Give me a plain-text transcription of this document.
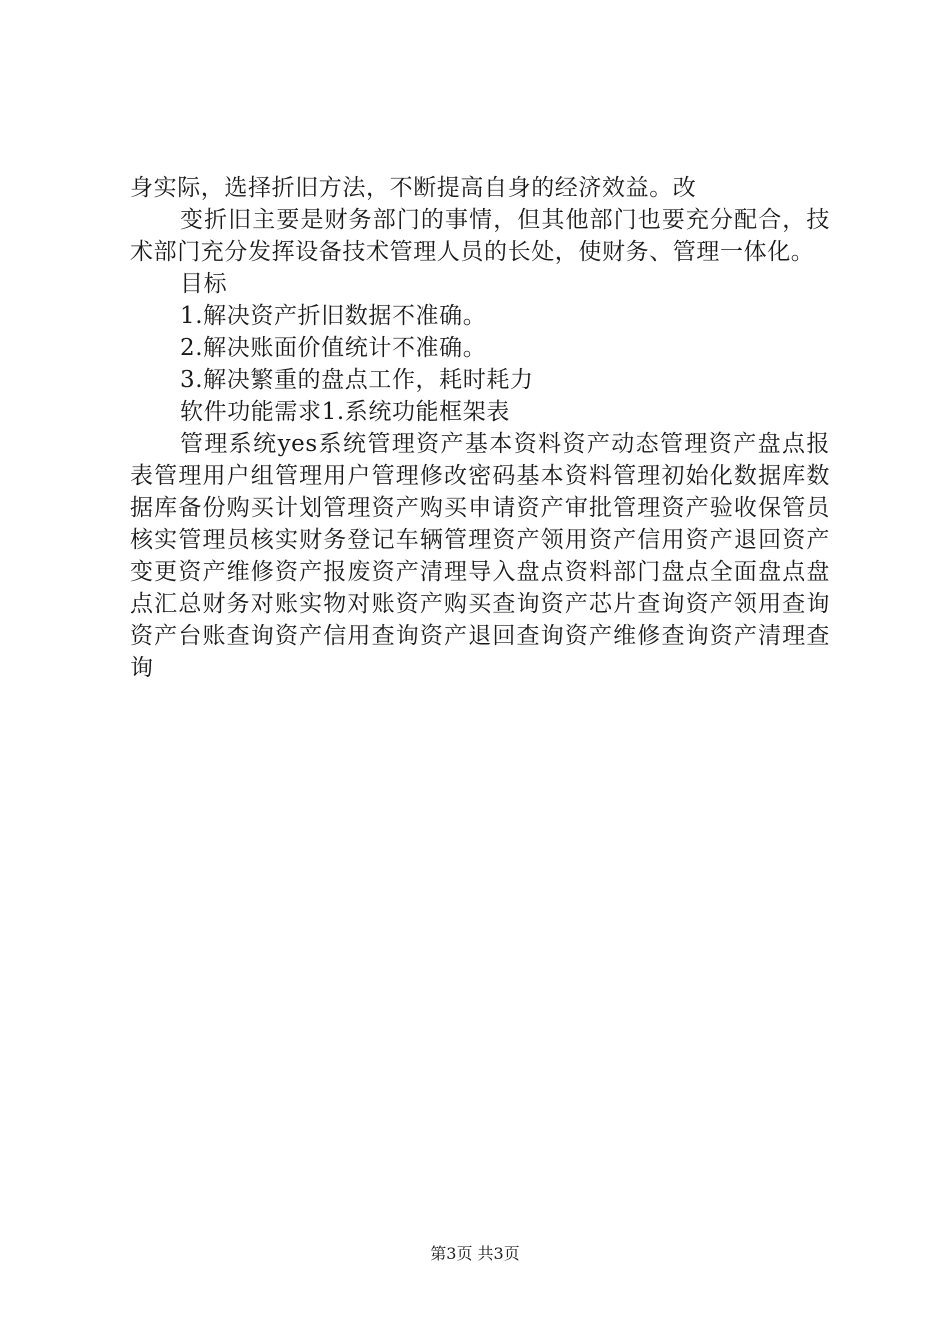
身实际，选择折旧方法，不断提高自身的经济效益。改

变折旧主要是财务部门的事情，但其他部门也要充分配合，技术部门充分发挥设备技术管理人员的长处，使财务、管理一体化。

目标

1.解决资产折旧数据不准确。

2.解决账面价值统计不准确。

3.解决繁重的盘点工作，耗时耗力

软件功能需求1.系统功能框架表

管理系统yes系统管理资产基本资料资产动态管理资产盘点报表管理用户组管理用户管理修改密码基本资料管理初始化数据库数据库备份购买计划管理资产购买申请资产审批管理资产验收保管员核实管理员核实财务登记车辆管理资产领用资产信用资产退回资产变更资产维修资产报废资产清理导入盘点资料部门盘点全面盘点盘点汇总财务对账实物对账资产购买查询资产芯片查询资产领用查询资产台账查询资产信用查询资产退回查询资产维修查询资产清理查询

第3页 共3页
